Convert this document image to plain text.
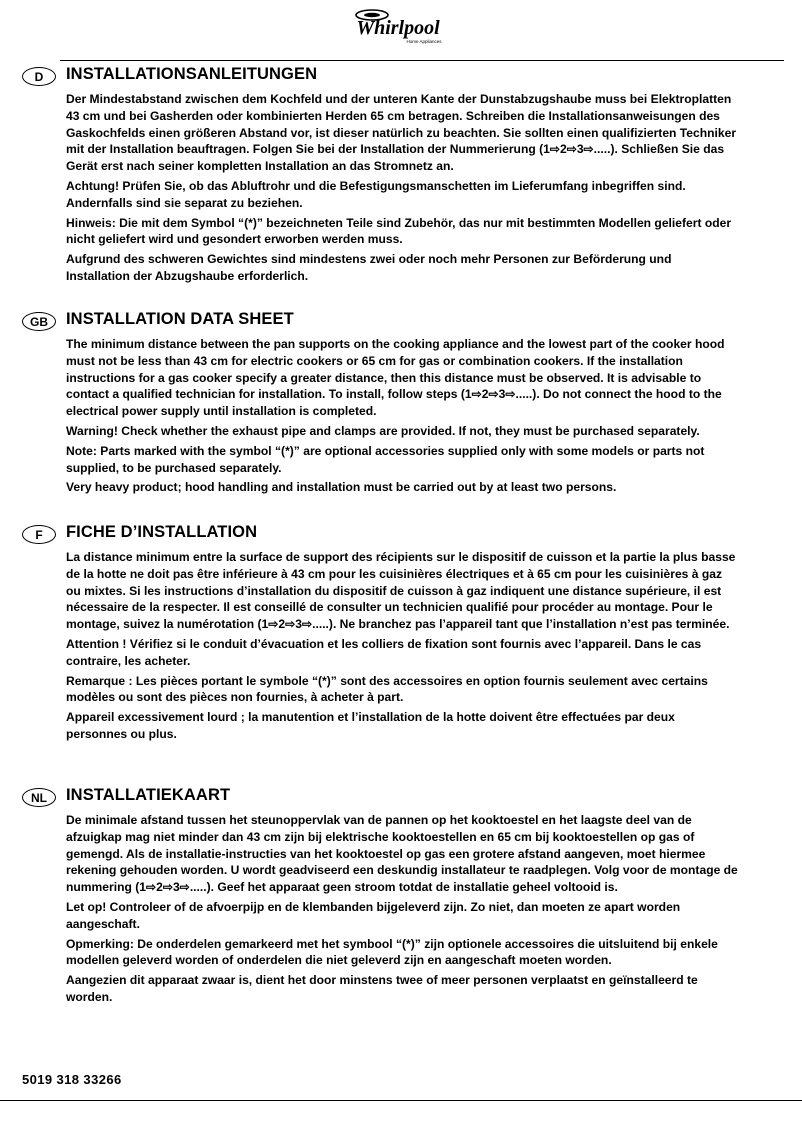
Whirlpool
Home Appliances
D	INSTALLATIONSANLEITUNGEN

Der Mindestabstand zwischen dem Kochfeld und der unteren Kante der Dunstabzugshaube muss bei Elektroplatten 43 cm und bei Gasherden oder kombinierten Herden 65 cm betragen. Schreiben die Installationsanweisungen des Gaskochfelds einen größeren Abstand vor, ist dieser natürlich zu beachten. Sie sollten einen qualifizierten Techniker mit der Installation beauftragen. Folgen Sie bei der Installation der Nummerierung (1⇨2⇨3⇨.....). Schließen Sie das Gerät erst nach seiner kompletten Installation an das Stromnetz an.

Achtung! Prüfen Sie, ob das Abluftrohr und die Befestigungsmanschetten im Lieferumfang inbegriffen sind. Andernfalls sind sie separat zu beziehen.

Hinweis: Die mit dem Symbol “(*)” bezeichneten Teile sind Zubehör, das nur mit bestimmten Modellen geliefert oder nicht geliefert wird und gesondert erworben werden muss.

Aufgrund des schweren Gewichtes sind mindestens zwei oder noch mehr Personen zur Beförderung und Installation der Abzugshaube erforderlich.

GB	INSTALLATION DATA SHEET

The minimum distance between the pan supports on the cooking appliance and the lowest part of the cooker hood must not be less than 43 cm for electric cookers or 65 cm for gas or combination cookers. If the installation instructions for a gas cooker specify a greater distance, then this distance must be observed. It is advisable to contact a qualified technician for installation. To install, follow steps (1⇨2⇨3⇨.....). Do not connect the hood to the electrical power supply until installation is completed.

Warning! Check whether the exhaust pipe and clamps are provided. If not, they must be purchased separately.

Note: Parts marked with the symbol “(*)” are optional accessories supplied only with some models or parts not supplied, to be purchased separately.

Very heavy product; hood handling and installation must be carried out by at least two persons.

F	FICHE D’INSTALLATION

La distance minimum entre la surface de support des récipients sur le dispositif de cuisson et la partie la plus basse de la hotte ne doit pas être inférieure à 43 cm pour les cuisinières électriques et à 65 cm pour les cuisinières à gaz ou mixtes. Si les instructions d’installation du dispositif de cuisson à gaz indiquent une distance supérieure, il est nécessaire de la respecter. Il est conseillé de consulter un technicien qualifié pour procéder au montage. Pour le montage, suivez la numérotation (1⇨2⇨3⇨.....). Ne branchez pas l’appareil tant que l’installation n’est pas terminée.

Attention ! Vérifiez si le conduit d’évacuation et les colliers de fixation sont fournis avec l’appareil. Dans le cas contraire, les acheter.

Remarque : Les pièces portant le symbole “(*)” sont des accessoires en option fournis seulement avec certains modèles ou sont des pièces non fournies, à acheter à part.

Appareil excessivement lourd ; la manutention et l’installation de la hotte doivent être effectuées par deux personnes ou plus.

NL	INSTALLATIEKAART

De minimale afstand tussen het steunoppervlak van de pannen op het kooktoestel en het laagste deel van de afzuigkap mag niet minder dan 43 cm zijn bij elektrische kooktoestellen en 65 cm bij kooktoestellen op gas of gemengd. Als de installatie-instructies van het kooktoestel op gas een grotere afstand aangeven, moet hiermee rekening gehouden worden. U wordt geadviseerd een deskundig installateur te raadplegen. Volg voor de montage de nummering (1⇨2⇨3⇨.....). Geef het apparaat geen stroom totdat de installatie geheel voltooid is.

Let op! Controleer of de afvoerpijp en de klembanden bijgeleverd zijn. Zo niet, dan moeten ze apart worden aangeschaft.

Opmerking: De onderdelen gemarkeerd met het symbool “(*)” zijn optionele accessoires die uitsluitend bij enkele modellen geleverd worden of onderdelen die niet geleverd zijn en aangeschaft moeten worden.

Aangezien dit apparaat zwaar is, dient het door minstens twee of meer personen verplaatst en geïnstalleerd te worden.

5019 318 33266
